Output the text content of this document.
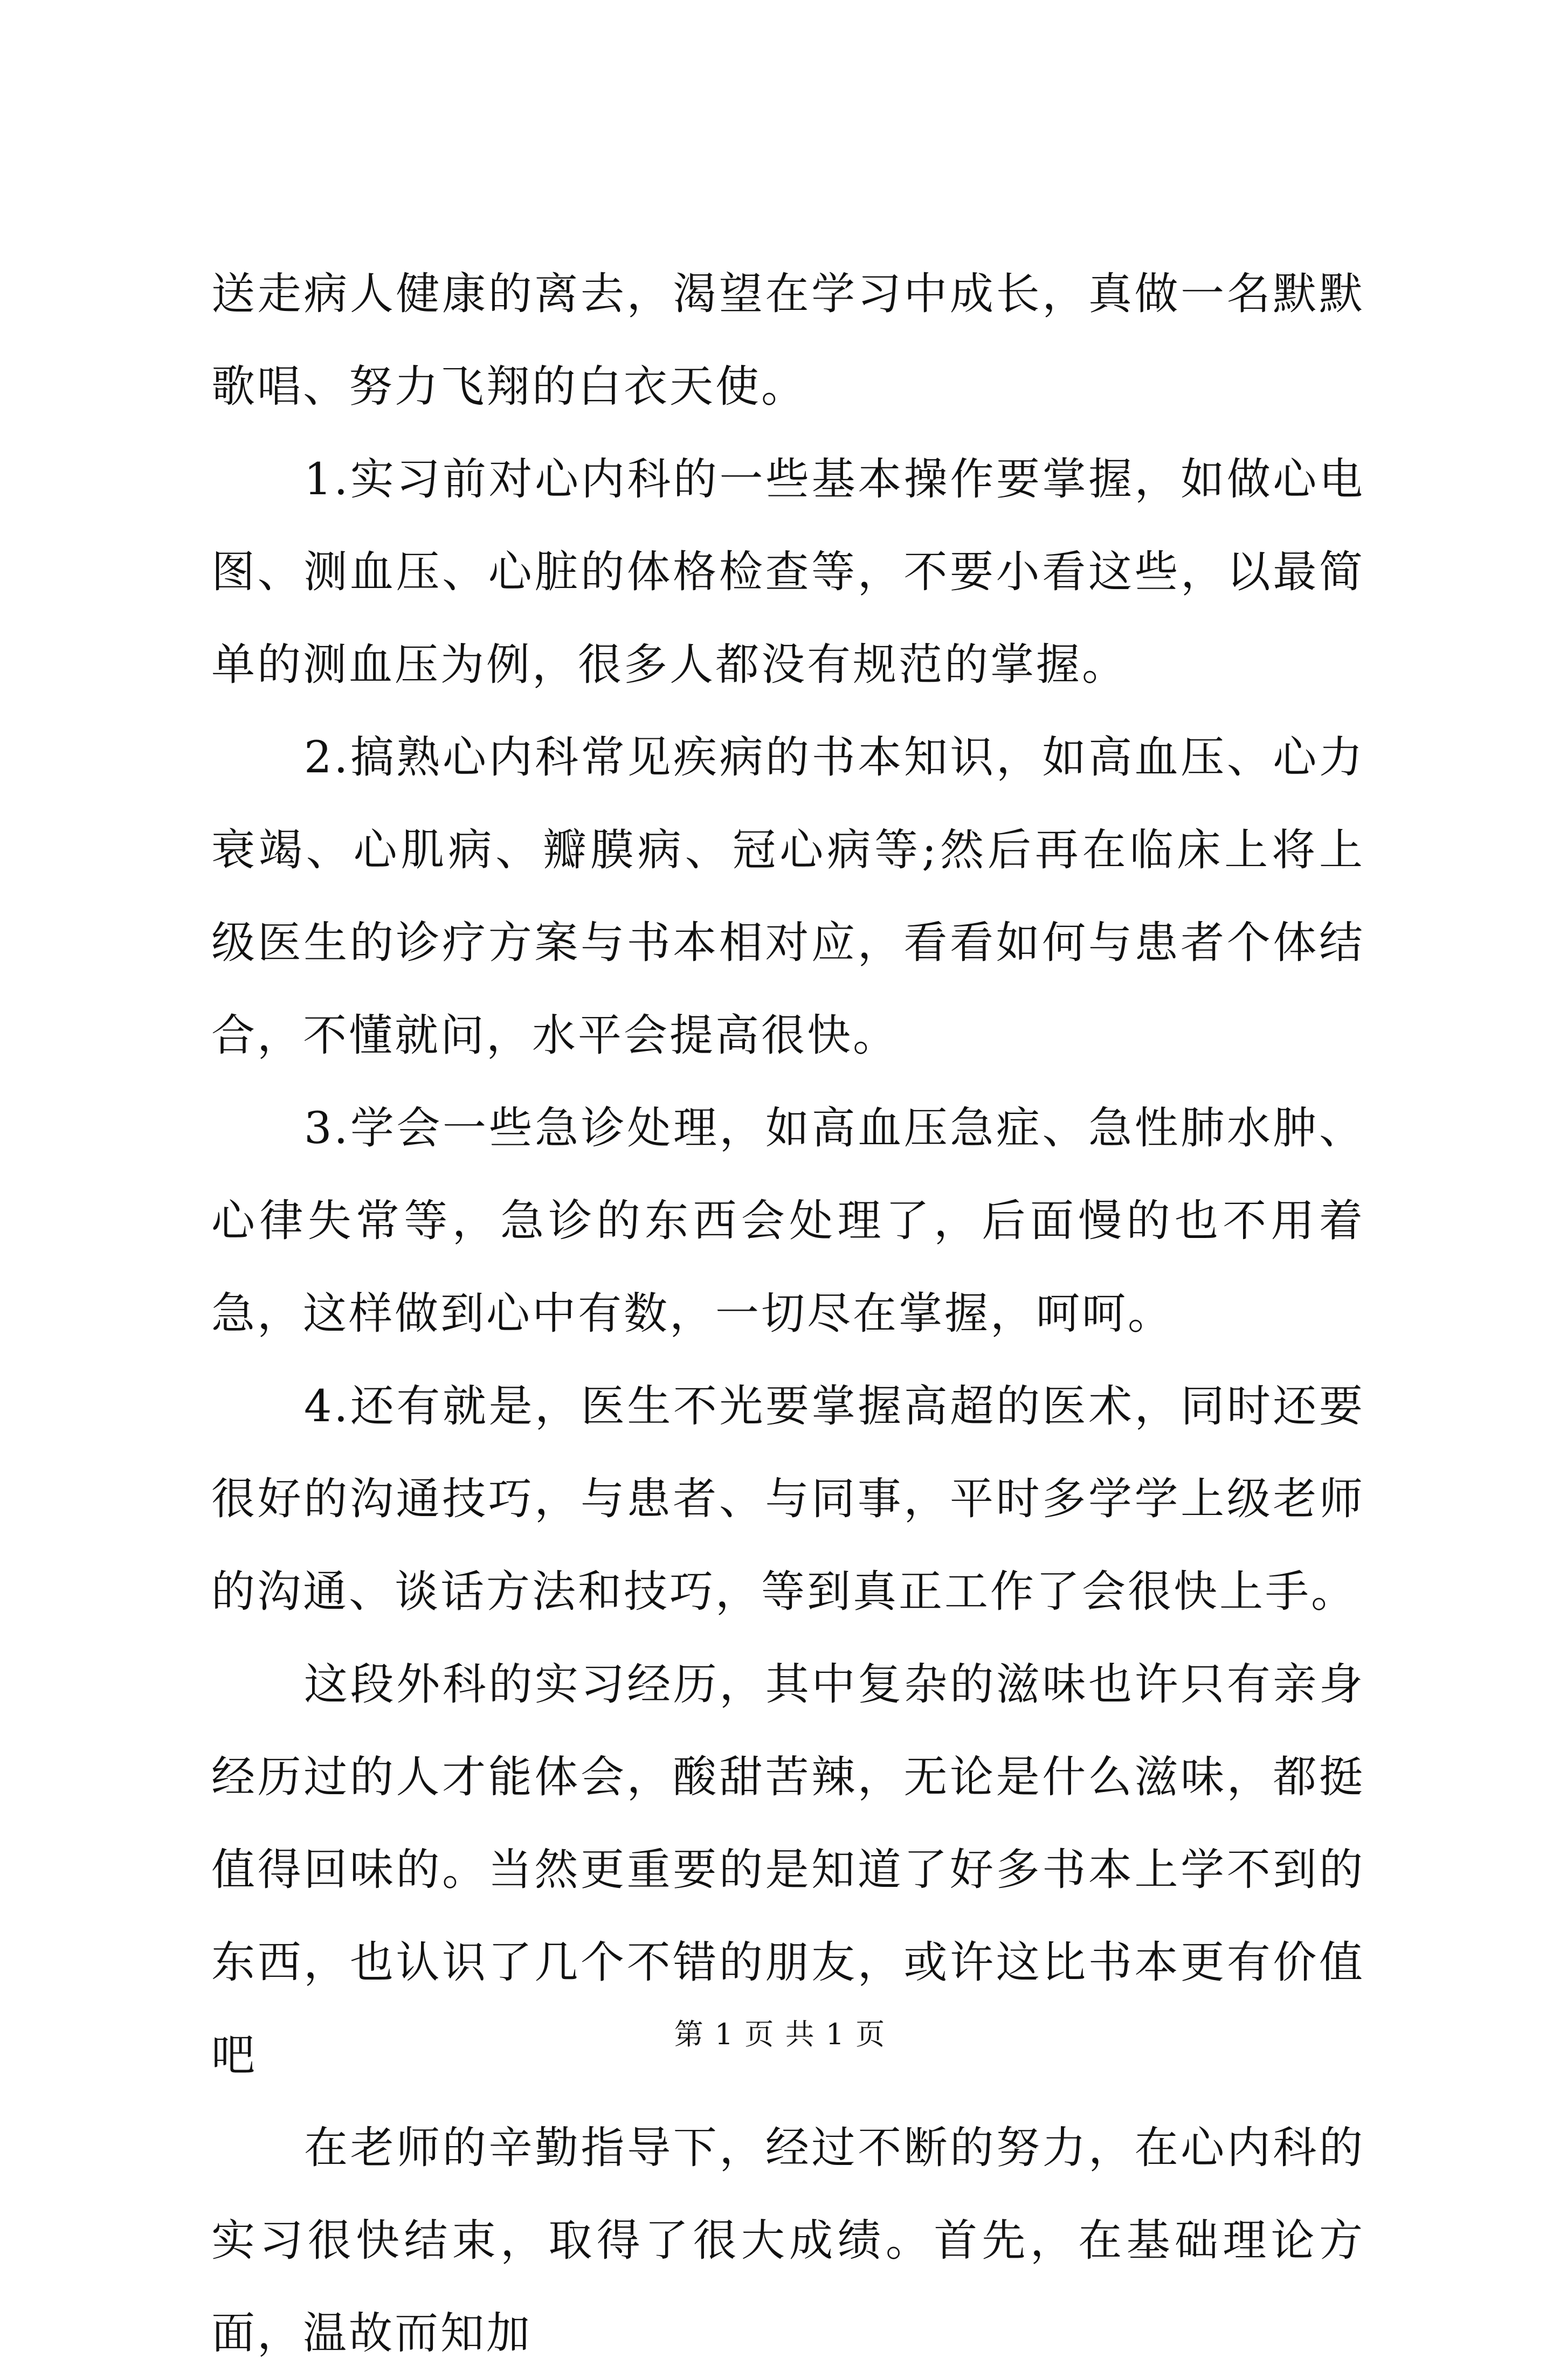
送走病人健康的离去，渴望在学习中成长，真做一名默默歌唱、努力飞翔的白衣天使。

1.实习前对心内科的一些基本操作要掌握，如做心电图、测血压、心脏的体格检查等，不要小看这些，以最简单的测血压为例，很多人都没有规范的掌握。

2.搞熟心内科常见疾病的书本知识，如高血压、心力衰竭、心肌病、瓣膜病、冠心病等;然后再在临床上将上级医生的诊疗方案与书本相对应，看看如何与患者个体结合，不懂就问，水平会提高很快。

3.学会一些急诊处理，如高血压急症、急性肺水肿、心律失常等，急诊的东西会处理了，后面慢的也不用着急，这样做到心中有数，一切尽在掌握，呵呵。

4.还有就是，医生不光要掌握高超的医术，同时还要很好的沟通技巧，与患者、与同事，平时多学学上级老师的沟通、谈话方法和技巧，等到真正工作了会很快上手。

这段外科的实习经历，其中复杂的滋味也许只有亲身经历过的人才能体会，酸甜苦辣，无论是什么滋味，都挺值得回味的。当然更重要的是知道了好多书本上学不到的东西，也认识了几个不错的朋友，或许这比书本更有价值吧

在老师的辛勤指导下，经过不断的努力，在心内科的实习很快结束，取得了很大成绩。首先，在基础理论方面，温故而知加

第 1 页 共 1 页
